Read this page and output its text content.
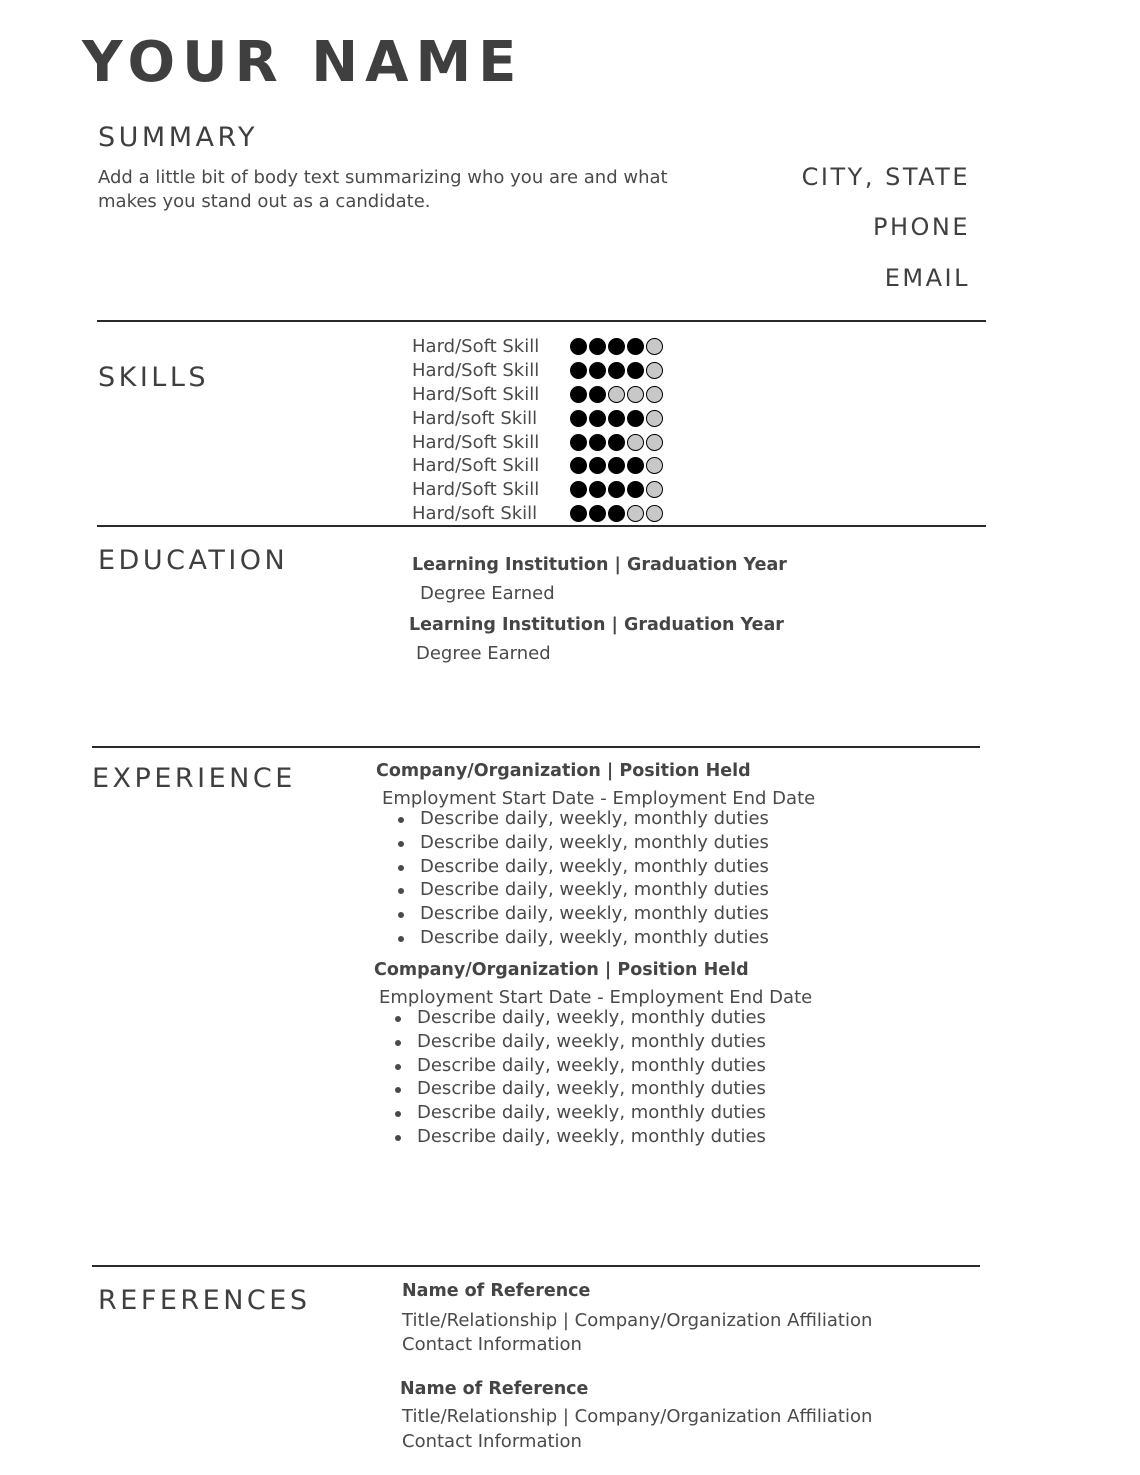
YOUR NAME
SUMMARY
Add a little bit of body text summarizing who you are and what makes you stand out as a candidate.
CITY, STATE
PHONE
EMAIL
SKILLS
Hard/Soft Skill
Hard/Soft Skill
Hard/Soft Skill
Hard/soft Skill
Hard/Soft Skill
Hard/Soft Skill
Hard/Soft Skill
Hard/soft Skill
EDUCATION	Learning Institution | Graduation Year
Degree Earned
Learning Institution | Graduation Year
Degree Earned
EXPERIENCE	Company/Organization | Position Held
Employment Start Date - Employment End Date
Describe daily, weekly, monthly duties
Describe daily, weekly, monthly duties
Describe daily, weekly, monthly duties
Describe daily, weekly, monthly duties
Describe daily, weekly, monthly duties
Describe daily, weekly, monthly duties
Company/Organization | Position Held
Employment Start Date - Employment End Date
Describe daily, weekly, monthly duties
Describe daily, weekly, monthly duties
Describe daily, weekly, monthly duties
Describe daily, weekly, monthly duties
Describe daily, weekly, monthly duties
Describe daily, weekly, monthly duties
REFERENCES	Name of Reference
Title/Relationship | Company/Organization Affiliation
Contact Information
Name of Reference
Title/Relationship | Company/Organization Affiliation
Contact Information
